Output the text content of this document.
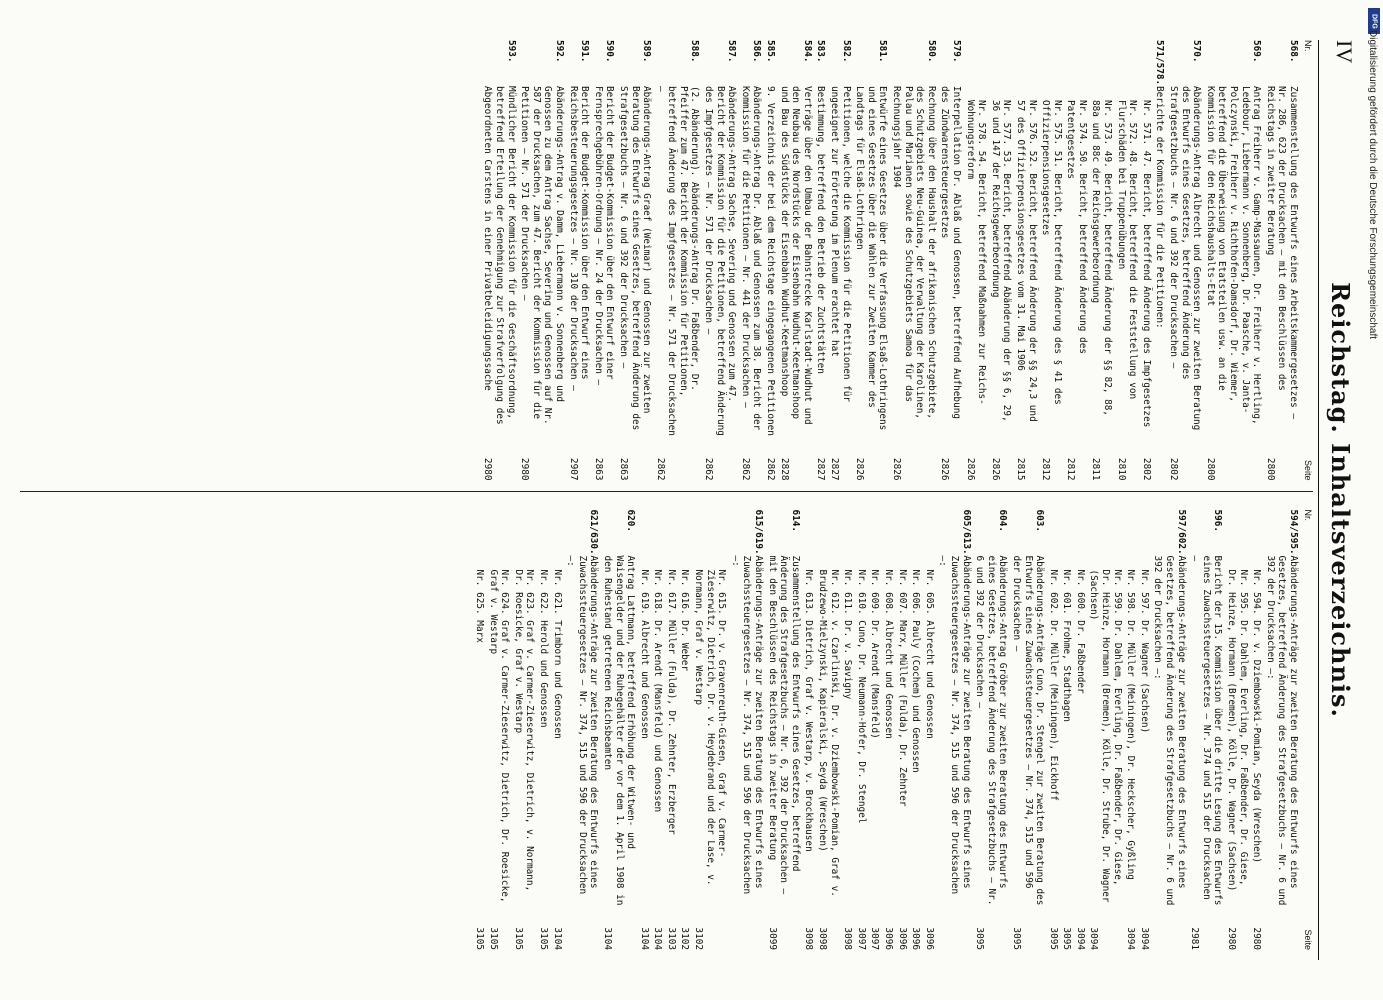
IV
Reichstag. Inhaltsverzeichnis.
Nr.
Seite
568.
Zusammenstellung des Entwurfs eines Arbeitskammergesetzes — Nr. 286, 623 der Drucksachen — mit den Beschlüssen des Reichstags in zweiter Beratung
2800
569.
Antrag Freiherr v. Gamp-Massaunen, Dr. Freiherr v. Hertling, Ledebour, Liebermann v. Sonnenberg, Dr. Paasche, v. Janta-Polczynski, Freiherr v. Richthofen-Damsdorf, Dr. Wiemer, betreffend die Überweisung von Etatsteilen usw. an die Kommission für den Reichshaushalts-Etat
2800
570.
Abänderungs-Antrag Albrecht und Genossen zur zweiten Beratung des Entwurfs eines Gesetzes, betreffend Änderung des Strafgesetzbuchs — Nr. 6 und 392 der Drucksachen —
2802
571/578.
Berichte der Kommission für die Petitionen:
Nr. 571. 47. Bericht, betreffend Änderung des Impfgesetzes
2802
Nr. 572. 48. Bericht, betreffend die Feststellung von Flurschäden bei Truppenübungen
2810
Nr. 573. 49. Bericht, betreffend Änderung der §§ 82, 88, 88a und 88c der Reichsgewerbeordnung
2811
Nr. 574. 50. Bericht, betreffend Änderung des Patentgesetzes
2812
Nr. 575. 51. Bericht, betreffend Änderung des § 41 des Offizierpensionsgesetzes
2812
Nr. 576. 52. Bericht, betreffend Änderung der §§ 24,3 und 57 des Offizierpensionsgesetzes vom 31. Mai 1906
2815
Nr. 577. 53. Bericht, betreffend Abänderung der §§ 6, 29, 36 und 147 der Reichsgewerbeordnung
2826
Nr. 578. 54. Bericht, betreffend Maßnahmen zur Reichs-Wohnungsreform
2826
579.
Interpellation Dr. Ablaß und Genossen, betreffend Aufhebung des Zündwarensteuergesetzes
2826
580.
Rechnung über den Haushalt der afrikanischen Schutzgebiete, des Schutzgebiets Neu-Guinea, der Verwaltung der Karolinen, Palau und Marianen sowie des Schutzgebiets Samoa für das Rechnungsjahr 1904
2826
581.
Entwürfe eines Gesetzes über die Verfassung Elsaß-Lothringens und eines Gesetzes über die Wahlen zur Zweiten Kammer des Landtags für Elsaß-Lothringen
2826
582.
Petitionen, welche die Kommission für die Petitionen für ungeeignet zur Erörterung im Plenum erachtet hat
2827
583.
Bestimmung, betreffend den Betrieb der Zuchtstätten
2827
584.
Verträge über den Umbau der Bahnstrecke Karlstadt-Wudhut und den Neubau des Nordstücks der Eisenbahn Wudhut-Keetmanshoop und Bau des Südstücks der Eisenbahn Wudhut-Keetmanshoop
2828
585.
9. Verzeichnis der bei dem Reichstage eingegangenen Petitionen
2862
586.
Abänderungs-Antrag Dr. Ablaß und Genossen zum 38. Bericht der Kommission für die Petitionen — Nr. 441 der Drucksachen —
2862
587.
Abänderungs-Antrag Sachse, Severing und Genossen zum 47. Bericht der Kommission für die Petitionen, betreffend Änderung des Impfgesetzes — Nr. 571 der Drucksachen —
2862
588.
(2. Abänderung). Abänderungs-Antrag Dr. Faßbender, Dr. Pfeiffer zum 47. Bericht der Kommission für Petitionen, betreffend Änderung des Impfgesetzes — Nr. 571 der Drucksachen —
2862
589.
Abänderungs-Antrag Graef (Weimar) und Genossen zur zweiten Beratung des Entwurfs eines Gesetzes, betreffend Änderung des Strafgesetzbuchs — Nr. 6 und 392 der Drucksachen —
2863
590.
Bericht der Budget-Kommission über den Entwurf einer Fernsprechgebühren-Ordnung — Nr. 24 der Drucksachen —
2863
591.
Bericht der Budget-Kommission über den Entwurf eines Reichsbesteuerungsgesetzes — Nr. 310 der Drucksachen —
2907
592.
Abänderungs-Antrag v. Damm, Liebermann v. Sonnenberg und Genossen zu dem Antrag Sachse, Severing und Genossen auf Nr. 587 der Drucksachen, zum 47. Bericht der Kommission für die Petitionen — Nr. 571 der Drucksachen —
2980
593.
Mündlicher Bericht der Kommission für die Geschäftsordnung, betreffend Erteilung der Genehmigung zur Strafverfolgung des Abgeordneten Carstens in einer Privatbeleidigungssache
2980
Nr.
Seite
594/595.
Abänderungs-Anträge zur zweiten Beratung des Entwurfs eines Gesetzes, betreffend Änderung des Strafgesetzbuchs — Nr. 6 und 392 der Drucksachen —:
Nr. 594. Dr. v. Dziembowski-Pomian, Seyda (Wreschen)
2980
Nr. 595. Dr. Dahlem, Everling, Dr. Faßbender, Dr. Giese, Dr. Heinze, Hormann (Bremen), Kölle, Dr. Wagner (Sachsen)
2980
596.
Bericht der 15. Kommission über die dritte Lesung des Entwurfs eines Zuwachssteuergesetzes — Nr. 374 und 515 der Drucksachen —
2981
597/602.
Abänderungs-Anträge zur zweiten Beratung des Entwurfs eines Gesetzes, betreffend Änderung des Strafgesetzbuchs — Nr. 6 und 392 der Drucksachen —:
Nr. 597. Dr. Wagner (Sachsen)
3094
Nr. 598. Dr. Müller (Meiningen), Dr. Heckscher, Gyßling
3094
Nr. 599. Dr. Dahlem, Everling, Dr. Faßbender, Dr. Giese, Dr. Heinze, Hormann (Bremen), Kölle, Dr. Strube, Dr. Wagner (Sachsen)
3094
Nr. 600. Dr. Faßbender
3094
Nr. 601. Frohme, Stadthagen
3095
Nr. 602. Dr. Müller (Meiningen), Eickhoff
3095
603.
Abänderungs-Anträge Cuno, Dr. Stengel zur zweiten Beratung des Entwurfs eines Zuwachssteuergesetzes — Nr. 374, 515 und 596 der Drucksachen —
3095
604.
Abänderungs-Antrag Gröber zur zweiten Beratung des Entwurfs eines Gesetzes, betreffend Änderung des Strafgesetzbuchs — Nr. 6 und 392 der Drucksachen —
3095
605/613.
Abänderungs-Anträge zur zweiten Beratung des Entwurfs eines Zuwachssteuergesetzes — Nr. 374, 515 und 596 der Drucksachen —:
Nr. 605. Albrecht und Genossen
3096
Nr. 606. Pauly (Cochem) und Genossen
3096
Nr. 607. Marx, Müller (Fulda), Dr. Zehnter
3096
Nr. 608. Albrecht und Genossen
3096
Nr. 609. Dr. Arendt (Mansfeld)
3097
Nr. 610. Cuno, Dr. Neumann-Hofer, Dr. Stengel
3097
Nr. 611. Dr. v. Savigny
3098
Nr. 612. v. Czarlinski, Dr. v. Dziembowski-Pomian, Graf v. Brudzewo-Mielzynski, Kapieralski, Seyda (Wreschen)
3098
Nr. 613. Dietrich, Graf v. Westarp, v. Brockhausen
3098
614.
Zusammenstellung des Entwurfs eines Gesetzes, betreffend Änderung des Strafgesetzbuchs — Nr. 6, 392 der Drucksachen — mit den Beschlüssen des Reichstags in zweiter Beratung
3099
615/619.
Abänderungs-Anträge zur zweiten Beratung des Entwurfs eines Zuwachssteuergesetzes — Nr. 374, 515 und 596 der Drucksachen —:
Nr. 615. Dr. v. Gravenreuth-Giesen, Graf v. Carmer-Zieserwitz, Dietrich, Dr. v. Heydebrand und der Lase, v. Normann, Graf v. Westarp
3102
Nr. 616. Dr. Weber
3102
Nr. 617. Müller (Fulda), Dr. Zehnter, Erzberger
3103
Nr. 618. Dr. Arendt (Mansfeld) und Genossen
3104
Nr. 619. Albrecht und Genossen
3104
620.
Antrag Lattmann, betreffend Erhöhung der Witwen- und Waisengelder und der Ruhegehälter der vor dem 1. April 1908 in den Ruhestand getretenen Reichsbeamten
3104
621/630.
Abänderungs-Anträge zur zweiten Beratung des Entwurfs eines Zuwachssteuergesetzes — Nr. 374, 515 und 596 der Drucksachen —:
Nr. 621. Trimborn und Genossen
3104
Nr. 622. Herold und Genossen
3105
Nr. 623. Graf v. Carmer-Zieserwitz, Dietrich, v. Normann, Dr. Roesicke, Graf v. Westarp
3105
Nr. 624. Graf v. Carmer-Zieserwitz, Dietrich, Dr. Roesicke, Graf v. Westarp
3105
Nr. 625. Marx
3105
DFG
Digitalisierung gefördert durch die Deutsche Forschungsgemeinschaft
